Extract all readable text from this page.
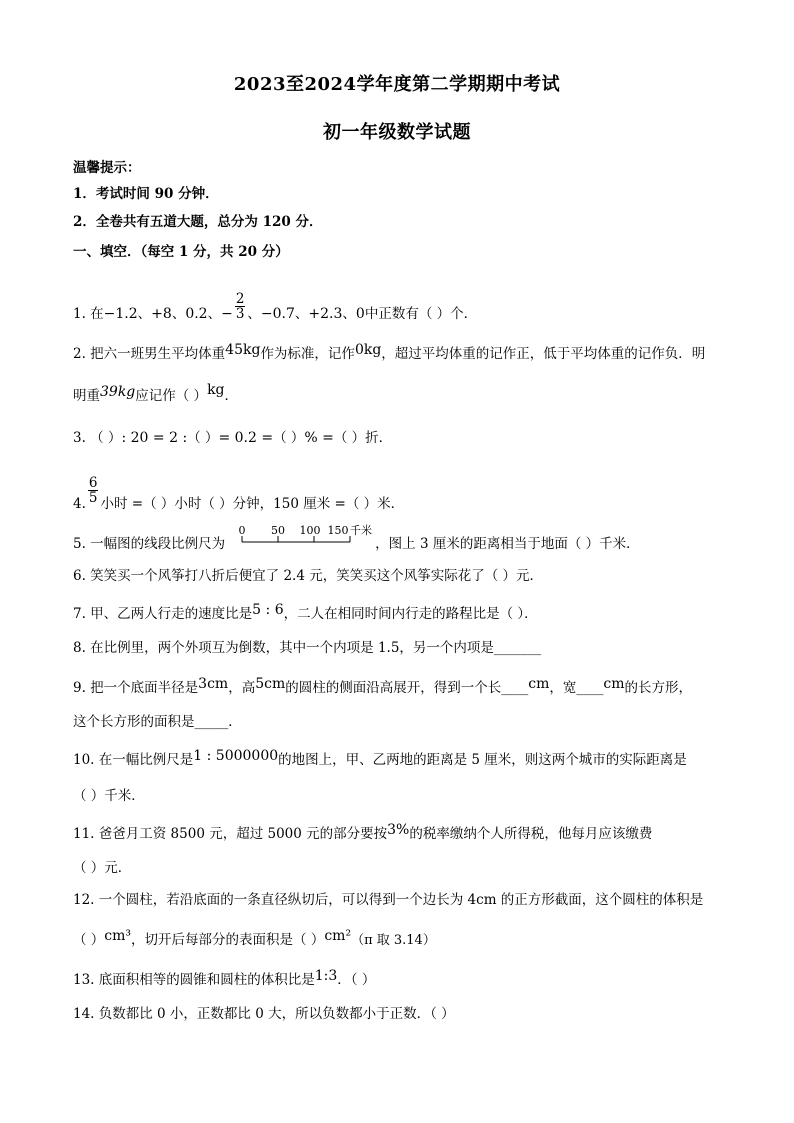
2023至2024学年度第二学期期中考试
初一年级数学试题
温馨提示：
1．考试时间 90 分钟．
2．全卷共有五道大题，总分为 120 分．
一、填空．（每空 1 分，共 20 分）
1. 在−1.2、+8、0.2、− $\frac{2}{3}$ 、−0.7、+2.3、0中正数有（ ）个．
2. 把六一班男生平均体重45kg作为标准，记作0kg，超过平均体重的记作正，低于平均体重的记作负．明
明重39kg应记作（ ）kg．
3. （ ）: 20 = 2 :（ ）= 0.2 =（ ）% =（ ）折．
4. $\frac{6}{5}$ 小时 =（ ）小时（ ）分钟，150 厘米 =（ ）米．
5. 一幅图的线段比例尺为	，图上 3 厘米的距离相当于地面（ ）千米．
0 50 100 150 千米
6. 笑笑买一个风筝打八折后便宜了 2.4 元，笑笑买这个风筝实际花了（ ）元．
7. 甲、乙两人行走的速度比是5 : 6，二人在相同时间内行走的路程比是（ ）．
8. 在比例里，两个外项互为倒数，其中一个内项是 1.5，另一个内项是_______
9. 把一个底面半径是3cm，高5cm的圆柱的侧面沿高展开，得到一个长____cm，宽____cm的长方形，
这个长方形的面积是_____．
10. 在一幅比例尺是1 : 5000000的地图上，甲、乙两地的距离是 5 厘米，则这两个城市的实际距离是
（ ）千米．
11. 爸爸月工资 8500 元，超过 5000 元的部分要按3%的税率缴纳个人所得税，他每月应该缴费
（ ）元．
12. 一个圆柱，若沿底面的一条直径纵切后，可以得到一个边长为 4cm 的正方形截面，这个圆柱的体积是
（ ）cm³，切开后每部分的表面积是（ ）cm²（π 取 3.14）
13. 底面积相等的圆锥和圆柱的体积比是1:3．（ ）
14. 负数都比 0 小，正数都比 0 大，所以负数都小于正数．（ ）
